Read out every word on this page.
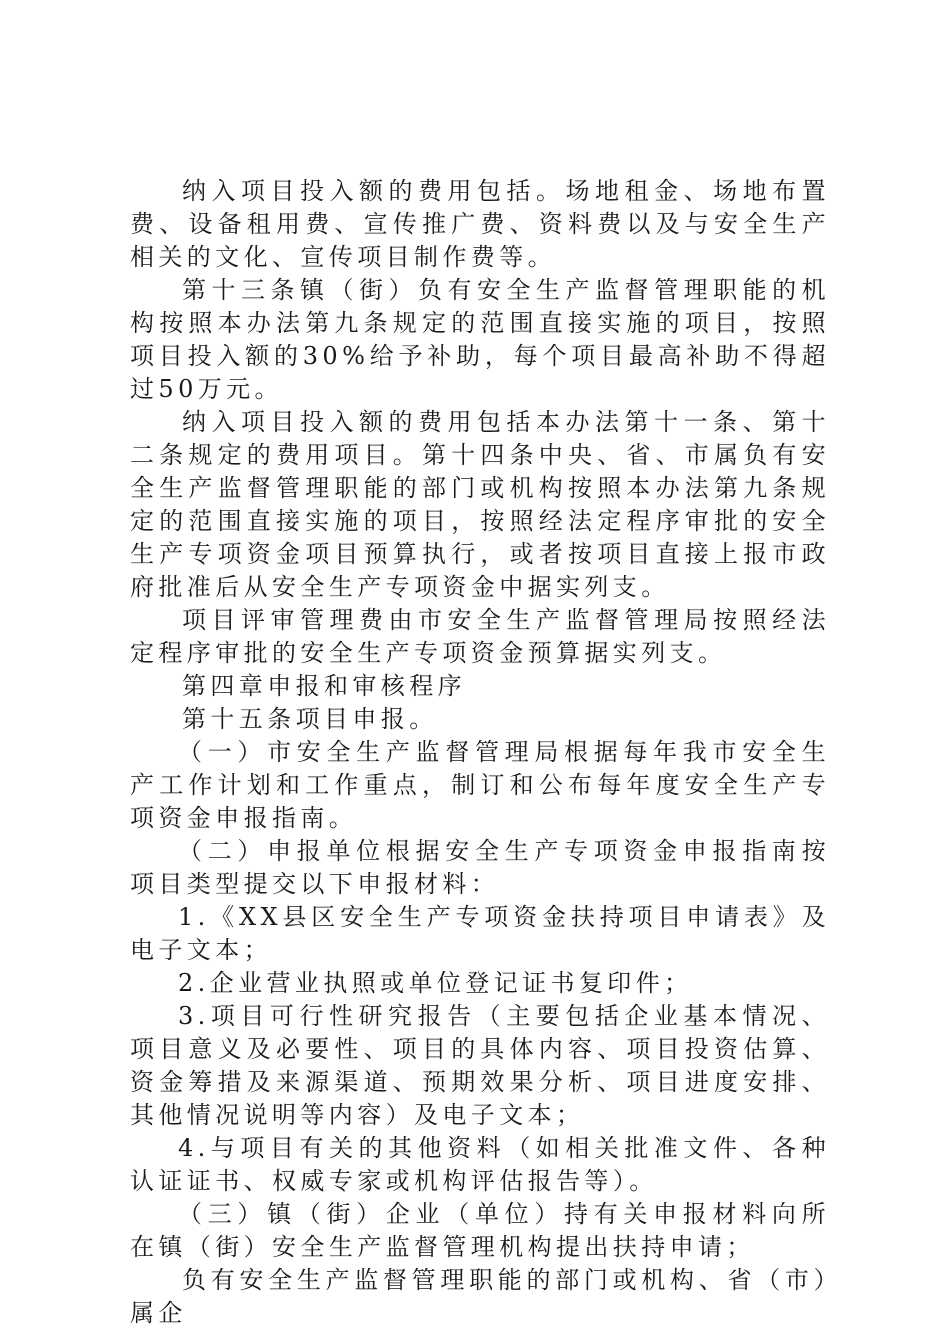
纳入项目投入额的费用包括。场地租金、场地布置费、设备租用费、宣传推广费、资料费以及与安全生产相关的文化、宣传项目制作费等。

第十三条镇（街）负有安全生产监督管理职能的机构按照本办法第九条规定的范围直接实施的项目，按照项目投入额的30%给予补助，每个项目最高补助不得超过50万元。

纳入项目投入额的费用包括本办法第十一条、第十二条规定的费用项目。第十四条中央、省、市属负有安全生产监督管理职能的部门或机构按照本办法第九条规定的范围直接实施的项目，按照经法定程序审批的安全生产专项资金项目预算执行，或者按项目直接上报市政府批准后从安全生产专项资金中据实列支。

项目评审管理费由市安全生产监督管理局按照经法定程序审批的安全生产专项资金预算据实列支。

第四章申报和审核程序

第十五条项目申报。

（一）市安全生产监督管理局根据每年我市安全生产工作计划和工作重点，制订和公布每年度安全生产专项资金申报指南。

（二）申报单位根据安全生产专项资金申报指南按项目类型提交以下申报材料：

1.《XX县区安全生产专项资金扶持项目申请表》及电子文本；

2.企业营业执照或单位登记证书复印件；

3.项目可行性研究报告（主要包括企业基本情况、项目意义及必要性、项目的具体内容、项目投资估算、资金筹措及来源渠道、预期效果分析、项目进度安排、其他情况说明等内容）及电子文本；

4.与项目有关的其他资料（如相关批准文件、各种认证证书、权威专家或机构评估报告等）。

（三）镇（街）企业（单位）持有关申报材料向所在镇（街）安全生产监督管理机构提出扶持申请；

负有安全生产监督管理职能的部门或机构、省（市）属企
